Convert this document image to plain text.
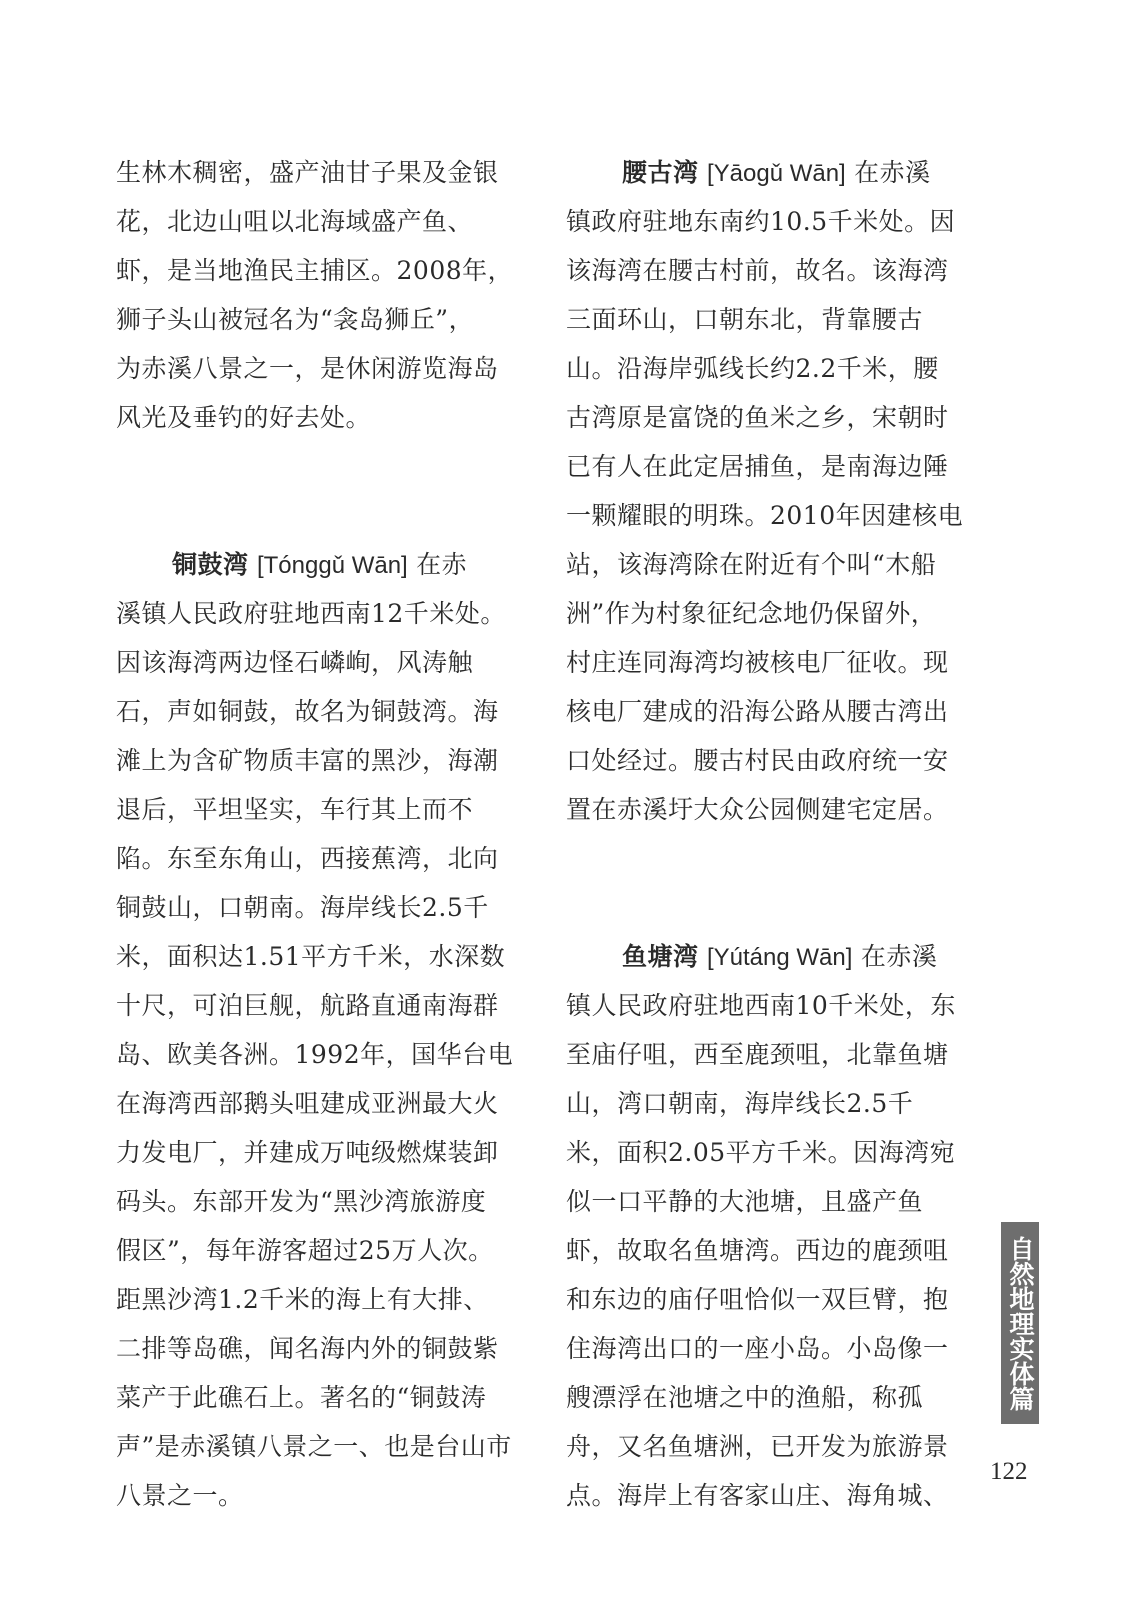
生林木稠密，盛产油甘子果及金银
花，北边山咀以北海域盛产鱼、
虾，是当地渔民主捕区。2008年，
狮子头山被冠名为“衾岛狮丘”，
为赤溪八景之一，是休闲游览海岛
风光及垂钓的好去处。
铜鼓湾 [Tónggǔ Wān] 在赤
溪镇人民政府驻地西南12千米处。
因该海湾两边怪石嶙峋，风涛触
石，声如铜鼓，故名为铜鼓湾。海
滩上为含矿物质丰富的黑沙，海潮
退后，平坦坚实，车行其上而不
陷。东至东角山，西接蕉湾，北向
铜鼓山，口朝南。海岸线长2.5千
米，面积达1.51平方千米，水深数
十尺，可泊巨舰，航路直通南海群
岛、欧美各洲。1992年，国华台电
在海湾西部鹅头咀建成亚洲最大火
力发电厂，并建成万吨级燃煤装卸
码头。东部开发为“黑沙湾旅游度
假区”，每年游客超过25万人次。
距黑沙湾1.2千米的海上有大排、
二排等岛礁，闻名海内外的铜鼓紫
菜产于此礁石上。著名的“铜鼓涛
声”是赤溪镇八景之一、也是台山市
八景之一。
腰古湾 [Yāogǔ Wān] 在赤溪
镇政府驻地东南约10.5千米处。因
该海湾在腰古村前，故名。该海湾
三面环山，口朝东北，背靠腰古
山。沿海岸弧线长约2.2千米，腰
古湾原是富饶的鱼米之乡，宋朝时
已有人在此定居捕鱼，是南海边陲
一颗耀眼的明珠。2010年因建核电
站，该海湾除在附近有个叫“木船
洲”作为村象征纪念地仍保留外，
村庄连同海湾均被核电厂征收。现
核电厂建成的沿海公路从腰古湾出
口处经过。腰古村民由政府统一安
置在赤溪圩大众公园侧建宅定居。
鱼塘湾 [Yútáng Wān] 在赤溪
镇人民政府驻地西南10千米处，东
至庙仔咀，西至鹿颈咀，北靠鱼塘
山，湾口朝南，海岸线长2.5千
米，面积2.05平方千米。因海湾宛
似一口平静的大池塘，且盛产鱼
虾，故取名鱼塘湾。西边的鹿颈咀
和东边的庙仔咀恰似一双巨臂，抱
住海湾出口的一座小岛。小岛像一
艘漂浮在池塘之中的渔船，称孤
舟，又名鱼塘洲，已开发为旅游景
点。海岸上有客家山庄、海角城、
自然地理实体篇
122
